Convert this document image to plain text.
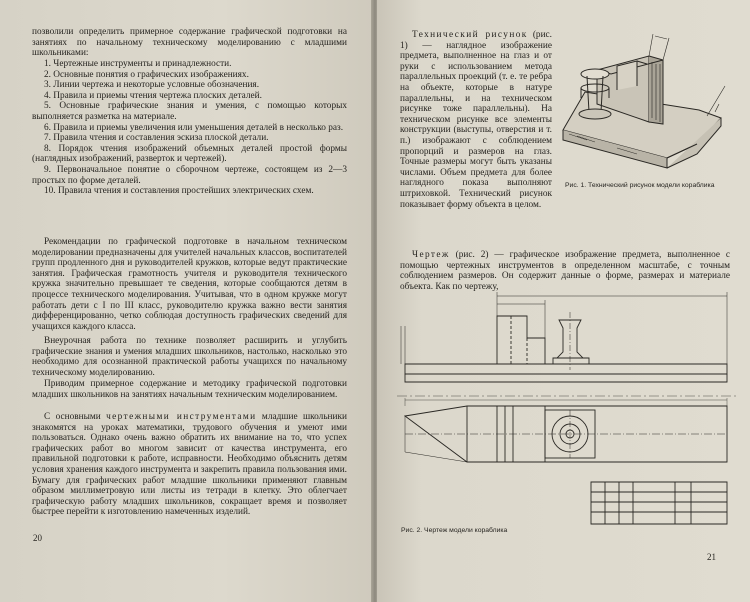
позволили определить примерное содержание графической подготовки на занятиях по начальному техническому моделированию с младшими школьниками:

1. Чертежные инструменты и принадлежности.

2. Основные понятия о графических изображениях.

3. Линии чертежа и некоторые условные обозначения.

4. Правила и приемы чтения чертежа плоских деталей.

5. Основные графические знания и умения, с помощью которых выполняется разметка на материале.

6. Правила и приемы увеличения или уменьшения деталей в несколько раз.

7. Правила чтения и составления эскиза плоской детали.

8. Порядок чтения изображений объемных деталей простой формы (наглядных изображений, разверток и чертежей).

9. Первоначальное понятие о сборочном чертеже, состоящем из 2—3 простых по форме деталей.

10. Правила чтения и составления простейших электрических схем.

Рекомендации по графической подготовке в начальном техническом моделировании предназначены для учителей начальных классов, воспитателей групп продленного дня и руководителей кружков, которые ведут практические занятия. Графическая грамотность учителя и руководителя технического кружка значительно превышает те сведения, которые сообщаются детям в процессе технического моделирования. Учитывая, что в одном кружке могут работать дети с I по III класс, руководителю кружка важно вести занятия дифференцированно, четко соблюдая доступность графических сведений для учащихся каждого класса.

Внеурочная работа по технике позволяет расширить и углубить графические знания и умения младших школьников, настолько, насколько это необходимо для осознанной практической работы учащихся по начальному техническому моделированию.

Приводим примерное содержание и методику графической подготовки младших школьников на занятиях начальным техническим моделированием.

С основными чертежными инструментами младшие школьники знакомятся на уроках математики, трудового обучения и умеют ими пользоваться. Однако очень важно обратить их внимание на то, что успех графических работ во многом зависит от качества инструмента, его правильной подготовки к работе, исправности. Необходимо объяснить детям условия хранения каждого инструмента и закрепить правила пользования ими. Бумагу для графических работ младшие школьники применяют главным образом миллиметровую или листы из тетради в клетку. Это облегчает графическую работу младших школьников, сокращает время и позволяет быстрее перейти к изготовлению намеченных изделий.

20

Технический рисунок (рис. 1) — наглядное изображение предмета, выполненное на глаз и от руки с использованием метода параллельных проекций (т. е. те ребра на объекте, которые в натуре параллельны, и на техническом рисунке тоже параллельны). На техническом рисунке все элементы конструкции (выступы, отверстия и т. п.) изображают с соблюдением пропорций и размеров на глаз. Точные размеры могут быть указаны числами. Объем предмета для более наглядного показа выполняют штриховкой. Технический рисунок показывает форму объекта в целом.

Рис. 1. Технический рисунок модели кораблика

Чертеж (рис. 2) — графическое изображение предмета, выполненное с помощью чертежных инструментов в определенном масштабе, с точным соблюдением размеров. Он содержит данные о форме, размерах и материале объекта. Как по чертежу,

Рис. 2. Чертеж модели кораблика
21
